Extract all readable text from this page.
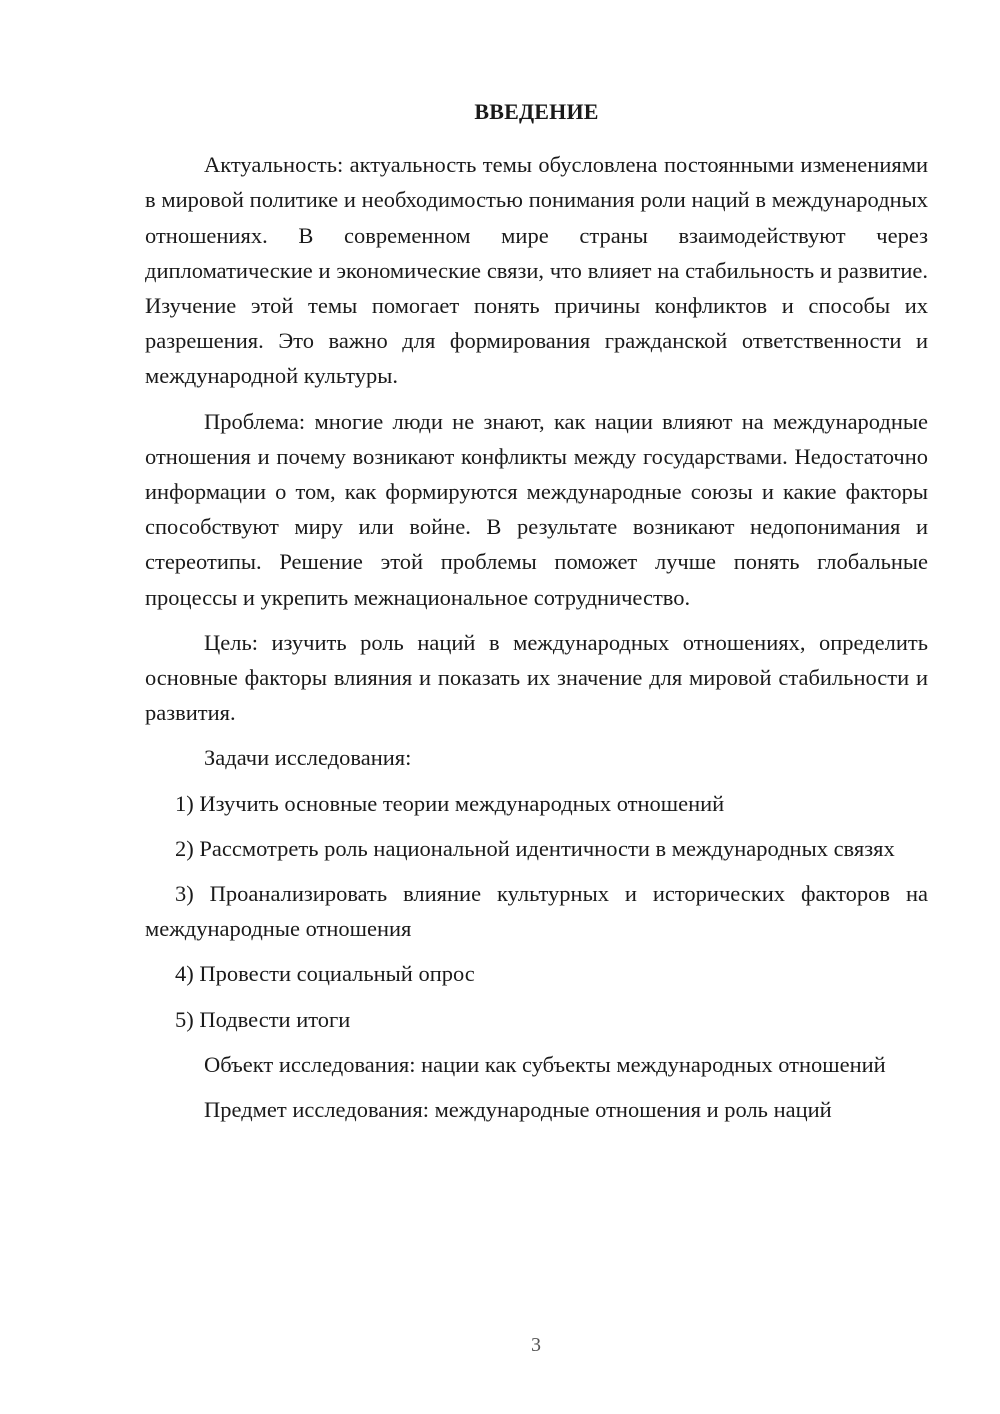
ВВЕДЕНИЕ

Актуальность: актуальность темы обусловлена постоянными изменениями в мировой политике и необходимостью понимания роли наций в международных отношениях. В современном мире страны взаимодействуют через дипломатические и экономические связи, что влияет на стабильность и развитие. Изучение этой темы помогает понять причины конфликтов и способы их разрешения. Это важно для формирования гражданской ответственности и международной культуры.

Проблема: многие люди не знают, как нации влияют на международные отношения и почему возникают конфликты между государствами. Недостаточно информации о том, как формируются международные союзы и какие факторы способствуют миру или войне. В результате возникают недопонимания и стереотипы. Решение этой проблемы поможет лучше понять глобальные процессы и укрепить межнациональное сотрудничество.

Цель: изучить роль наций в международных отношениях, определить основные факторы влияния и показать их значение для мировой стабильности и развития.

Задачи исследования:

1) Изучить основные теории международных отношений

2) Рассмотреть роль национальной идентичности в международных связях

3) Проанализировать влияние культурных и исторических факторов на международные отношения

4) Провести социальный опрос

5) Подвести итоги

Объект исследования: нации как субъекты международных отношений

Предмет исследования: международные отношения и роль наций

3
